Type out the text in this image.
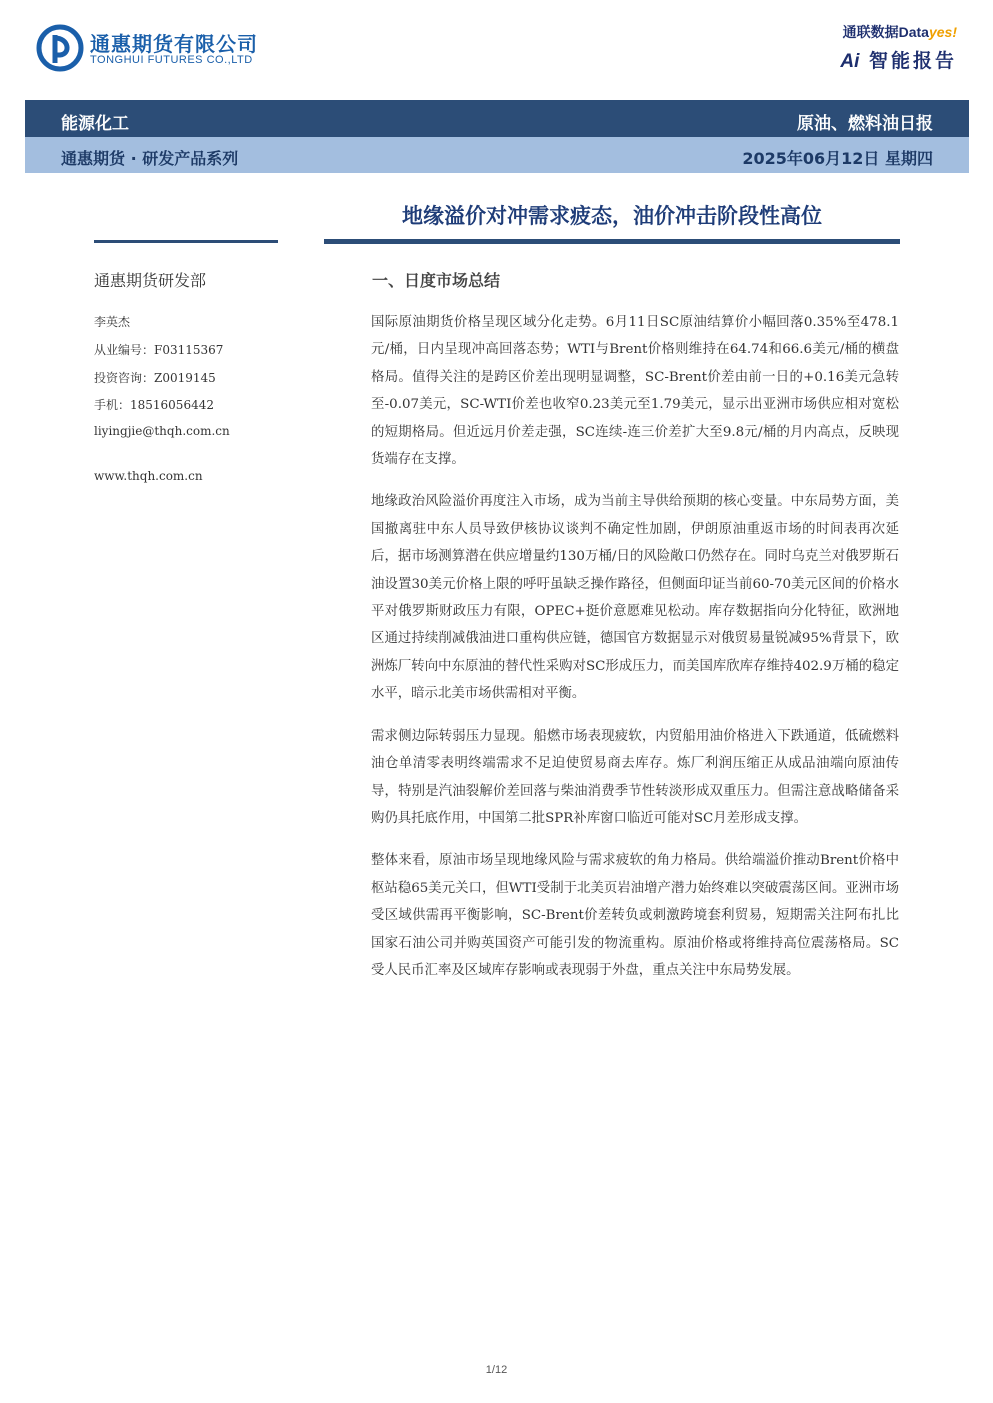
通惠期货有限公司
TONGHUI FUTURES CO.,LTD
通联数据Datayes!
Ai 智能报告
能源化工	原油、燃料油日报
通惠期货 · 研发产品系列	2025年06月12日 星期四
地缘溢价对冲需求疲态，油价冲击阶段性高位
通惠期货研发部
李英杰
从业编号：F03115367
投资咨询：Z0019145
手机：18516056442
liyingjie@thqh.com.cn
www.thqh.com.cn
一、日度市场总结

国际原油期货价格呈现区域分化走势。6月11日SC原油结算价小幅回落0.35%至478.1元/桶，日内呈现冲高回落态势；WTI与Brent价格则维持在64.74和66.6美元/桶的横盘格局。值得关注的是跨区价差出现明显调整，SC-Brent价差由前一日的+0.16美元急转至-0.07美元，SC-WTI价差也收窄0.23美元至1.79美元，显示出亚洲市场供应相对宽松的短期格局。但近远月价差走强，SC连续-连三价差扩大至9.8元/桶的月内高点，反映现货端存在支撑。

地缘政治风险溢价再度注入市场，成为当前主导供给预期的核心变量。中东局势方面，美国撤离驻中东人员导致伊核协议谈判不确定性加剧，伊朗原油重返市场的时间表再次延后，据市场测算潜在供应增量约130万桶/日的风险敞口仍然存在。同时乌克兰对俄罗斯石油设置30美元价格上限的呼吁虽缺乏操作路径，但侧面印证当前60-70美元区间的价格水平对俄罗斯财政压力有限，OPEC+挺价意愿难见松动。库存数据指向分化特征，欧洲地区通过持续削减俄油进口重构供应链，德国官方数据显示对俄贸易量锐减95%背景下，欧洲炼厂转向中东原油的替代性采购对SC形成压力，而美国库欣库存维持402.9万桶的稳定水平，暗示北美市场供需相对平衡。

需求侧边际转弱压力显现。船燃市场表现疲软，内贸船用油价格进入下跌通道，低硫燃料油仓单清零表明终端需求不足迫使贸易商去库存。炼厂利润压缩正从成品油端向原油传导，特别是汽油裂解价差回落与柴油消费季节性转淡形成双重压力。但需注意战略储备采购仍具托底作用，中国第二批SPR补库窗口临近可能对SC月差形成支撑。

整体来看，原油市场呈现地缘风险与需求疲软的角力格局。供给端溢价推动Brent价格中枢站稳65美元关口，但WTI受制于北美页岩油增产潜力始终难以突破震荡区间。亚洲市场受区域供需再平衡影响，SC-Brent价差转负或刺激跨境套利贸易，短期需关注阿布扎比国家石油公司并购英国资产可能引发的物流重构。原油价格或将维持高位震荡格局。SC受人民币汇率及区域库存影响或表现弱于外盘，重点关注中东局势发展。

1/12
